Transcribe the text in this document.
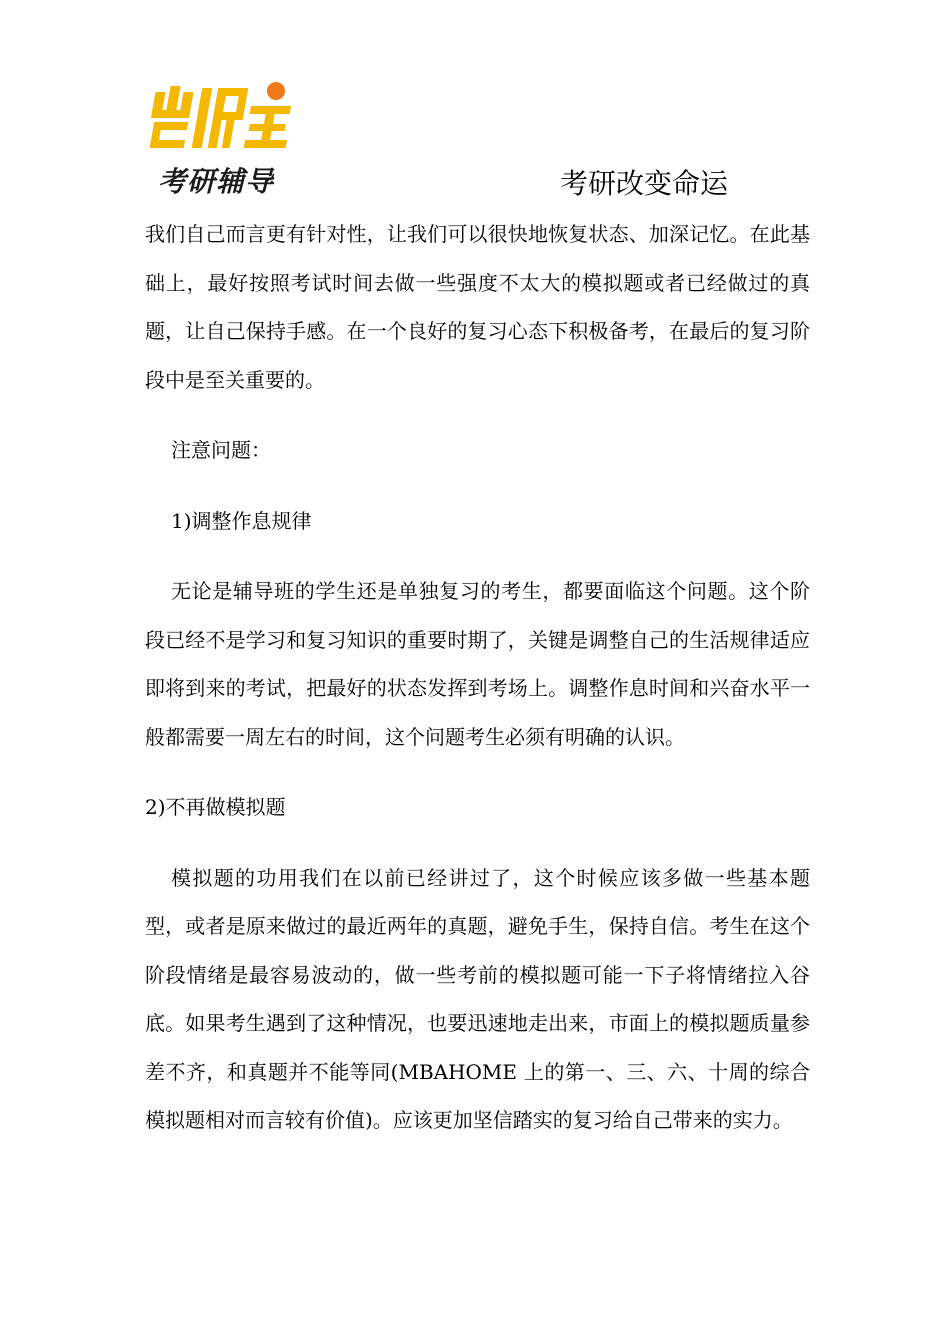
考研辅导	考研改变命运

我们自己而言更有针对性，让我们可以很快地恢复状态、加深记忆。在此基础上，最好按照考试时间去做一些强度不太大的模拟题或者已经做过的真题，让自己保持手感。在一个良好的复习心态下积极备考，在最后的复习阶段中是至关重要的。

注意问题：

1)调整作息规律

无论是辅导班的学生还是单独复习的考生，都要面临这个问题。这个阶段已经不是学习和复习知识的重要时期了，关键是调整自己的生活规律适应即将到来的考试，把最好的状态发挥到考场上。调整作息时间和兴奋水平一般都需要一周左右的时间，这个问题考生必须有明确的认识。

2)不再做模拟题

模拟题的功用我们在以前已经讲过了，这个时候应该多做一些基本题型，或者是原来做过的最近两年的真题，避免手生，保持自信。考生在这个阶段情绪是最容易波动的，做一些考前的模拟题可能一下子将情绪拉入谷底。如果考生遇到了这种情况，也要迅速地走出来，市面上的模拟题质量参差不齐，和真题并不能等同(MBAHOME 上的第一、三、六、十周的综合模拟题相对而言较有价值)。应该更加坚信踏实的复习给自己带来的实力。
